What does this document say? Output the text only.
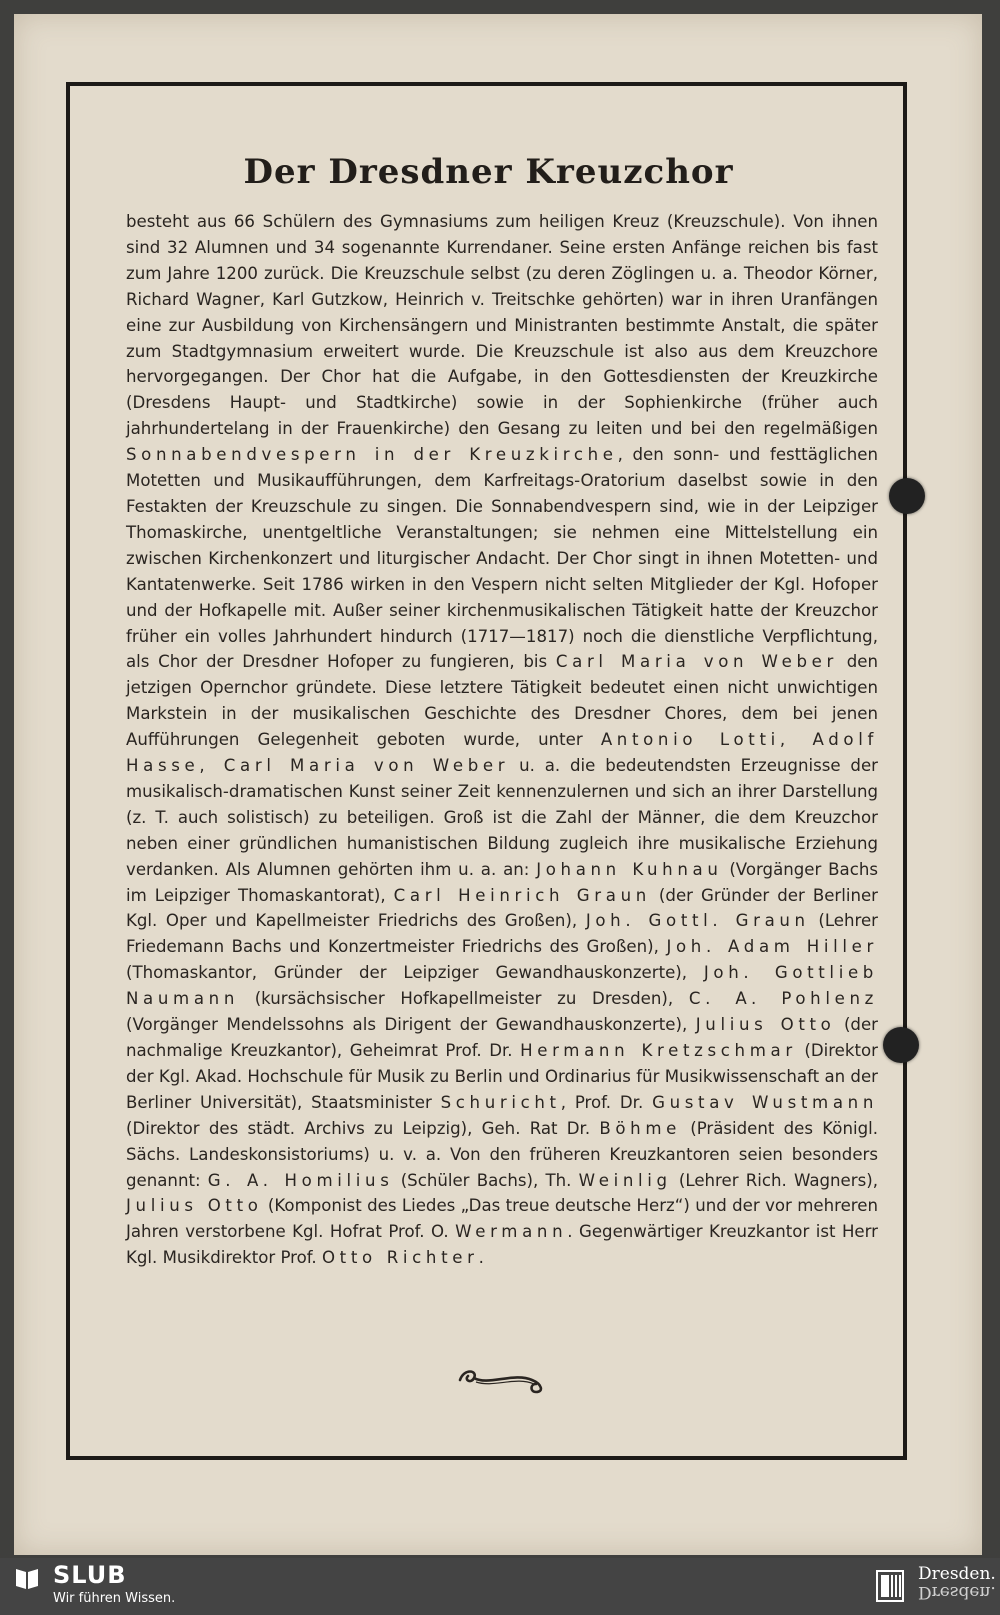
Der Dresdner Kreuzchor
besteht aus 66 Schülern des Gymnasiums zum heiligen Kreuz (Kreuzschule). Von ihnen sind 32 Alumnen und 34 sogenannte Kurrendaner. Seine ersten Anfänge reichen bis fast zum Jahre 1200 zurück. Die Kreuzschule selbst (zu deren Zöglingen u. a. Theodor Körner, Richard Wagner, Karl Gutzkow, Heinrich v. Treitschke gehörten) war in ihren Uranfängen eine zur Ausbildung von Kirchensängern und Ministranten bestimmte Anstalt, die später zum Stadtgymnasium erweitert wurde. Die Kreuzschule ist also aus dem Kreuzchore hervorgegangen. Der Chor hat die Aufgabe, in den Gottesdiensten der Kreuzkirche (Dresdens Haupt- und Stadtkirche) sowie in der Sophienkirche (früher auch jahrhundertelang in der Frauenkirche) den Gesang zu leiten und bei den regelmäßigen Sonnabendvespern in der Kreuzkirche, den sonn- und festtäglichen Motetten und Musikaufführungen, dem Karfreitags-Oratorium daselbst sowie in den Festakten der Kreuzschule zu singen. Die Sonnabendvespern sind, wie in der Leipziger Thomaskirche, unentgeltliche Veranstaltungen; sie nehmen eine Mittelstellung ein zwischen Kirchenkonzert und liturgischer Andacht. Der Chor singt in ihnen Motetten- und Kantatenwerke. Seit 1786 wirken in den Vespern nicht selten Mitglieder der Kgl. Hofoper und der Hofkapelle mit. Außer seiner kirchenmusikalischen Tätigkeit hatte der Kreuzchor früher ein volles Jahrhundert hindurch (1717—1817) noch die dienstliche Verpflichtung, als Chor der Dresdner Hofoper zu fungieren, bis Carl Maria von Weber den jetzigen Opernchor gründete. Diese letztere Tätigkeit bedeutet einen nicht unwichtigen Markstein in der musikalischen Geschichte des Dresdner Chores, dem bei jenen Aufführungen Gelegenheit geboten wurde, unter Antonio Lotti, Adolf Hasse, Carl Maria von Weber u. a. die bedeutendsten Erzeugnisse der musikalisch-dramatischen Kunst seiner Zeit kennenzulernen und sich an ihrer Darstellung (z. T. auch solistisch) zu beteiligen. Groß ist die Zahl der Männer, die dem Kreuzchor neben einer gründlichen humanistischen Bildung zugleich ihre musikalische Erziehung verdanken. Als Alumnen gehörten ihm u. a. an: Johann Kuhnau (Vorgänger Bachs im Leipziger Thomaskantorat), Carl Heinrich Graun (der Gründer der Berliner Kgl. Oper und Kapellmeister Friedrichs des Großen), Joh. Gottl. Graun (Lehrer Friedemann Bachs und Konzertmeister Friedrichs des Großen), Joh. Adam Hiller (Thomaskantor, Gründer der Leipziger Gewandhauskonzerte), Joh. Gottlieb Naumann (kursächsischer Hofkapellmeister zu Dresden), C. A. Pohlenz (Vorgänger Mendelssohns als Dirigent der Gewandhauskonzerte), Julius Otto (der nachmalige Kreuzkantor), Geheimrat Prof. Dr. Hermann Kretzschmar (Direktor der Kgl. Akad. Hochschule für Musik zu Berlin und Ordinarius für Musikwissenschaft an der Berliner Universität), Staatsminister Schuricht, Prof. Dr. Gustav Wustmann (Direktor des städt. Archivs zu Leipzig), Geh. Rat Dr. Böhme (Präsident des Königl. Sächs. Landeskonsistoriums) u. v. a. Von den früheren Kreuzkantoren seien besonders genannt: G. A. Homilius (Schüler Bachs), Th. Weinlig (Lehrer Rich. Wagners), Julius Otto (Komponist des Liedes „Das treue deutsche Herz“) und der vor mehreren Jahren verstorbene Kgl. Hofrat Prof. O. Wermann. Gegenwärtiger Kreuzkantor ist Herr Kgl. Musikdirektor Prof. Otto Richter.
SLUB
Wir führen Wissen.
Dresden.
Dresden.
